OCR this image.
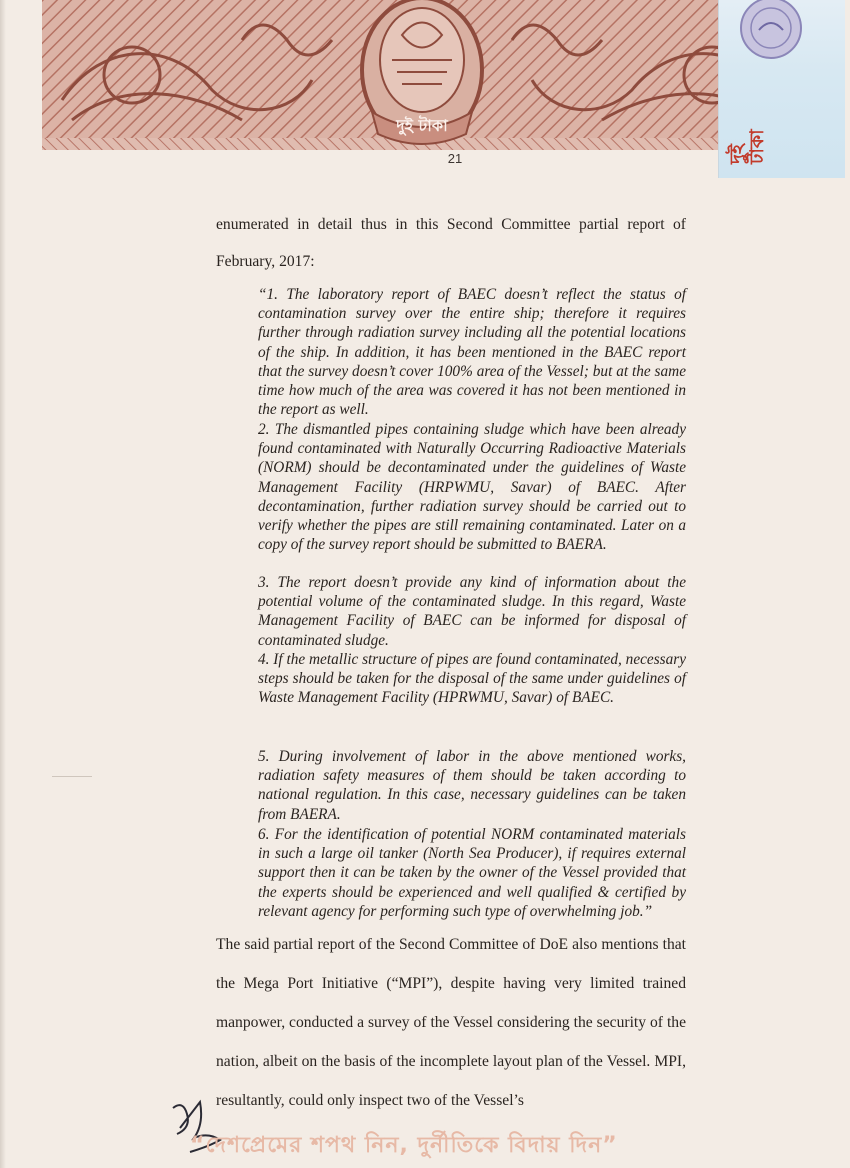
দুই টাকা
দুই টাকা
21

enumerated in detail thus in this Second Committee partial report of February, 2017:

“1. The laboratory report of BAEC doesn’t reflect the status of contamination survey over the entire ship; therefore it requires further through radiation survey including all the potential locations of the ship. In addition, it has been mentioned in the BAEC report that the survey doesn’t cover 100% area of the Vessel; but at the same time how much of the area was covered it has not been mentioned in the report as well.

2. The dismantled pipes containing sludge which have been already found contaminated with Naturally Occurring Radioactive Materials (NORM) should be decontaminated under the guidelines of Waste Management Facility (HRPWMU, Savar) of BAEC. After decontamination, further radiation survey should be carried out to verify whether the pipes are still remaining contaminated. Later on a copy of the survey report should be submitted to BAERA.

3. The report doesn’t provide any kind of information about the potential volume of the contaminated sludge. In this regard, Waste Management Facility of BAEC can be informed for disposal of contaminated sludge.

4. If the metallic structure of pipes are found contaminated, necessary steps should be taken for the disposal of the same under guidelines of Waste Management Facility (HPRWMU, Savar) of BAEC.

5. During involvement of labor in the above mentioned works, radiation safety measures of them should be taken according to national regulation. In this case, necessary guidelines can be taken from BAERA.

6. For the identification of potential NORM contaminated materials in such a large oil tanker (North Sea Producer), if requires external support then it can be taken by the owner of the Vessel provided that the experts should be experienced and well qualified & certified by relevant agency for performing such type of overwhelming job.”

The said partial report of the Second Committee of DoE also mentions that the Mega Port Initiative (“MPI”), despite having very limited trained manpower, conducted a survey of the Vessel considering the security of the nation, albeit on the basis of the incomplete layout plan of the Vessel. MPI, resultantly, could only inspect two of the Vessel’s

“দেশপ্রেমের শপথ নিন, দুর্নীতিকে বিদায় দিন”
